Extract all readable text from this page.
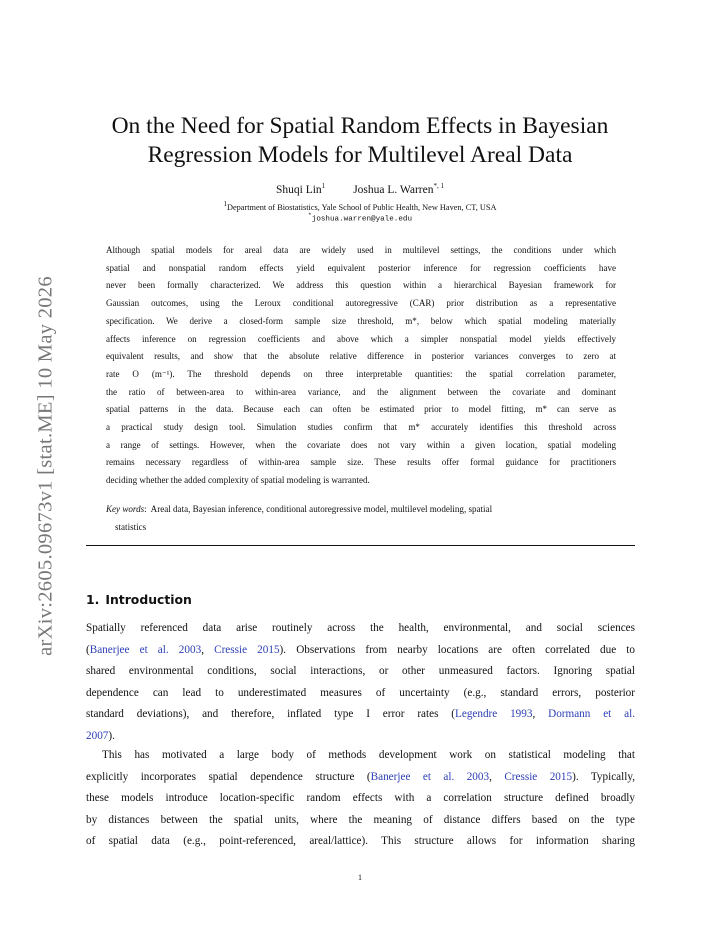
arXiv:2605.09673v1 [stat.ME] 10 May 2026
On the Need for Spatial Random Effects in Bayesian
Regression Models for Multilevel Areal Data
Shuqi Lin$^1$ Joshua L. Warren$^{*, 1}$
$^1$Department of Biostatistics, Yale School of Public Health, New Haven, CT, USA
*joshua.warren@yale.edu
Although spatial models for areal data are widely used in multilevel settings, the conditions under which
spatial and nonspatial random effects yield equivalent posterior inference for regression coefficients have
never been formally characterized. We address this question within a hierarchical Bayesian framework for
Gaussian outcomes, using the Leroux conditional autoregressive (CAR) prior distribution as a representative
specification. We derive a closed-form sample size threshold, m*, below which spatial modeling materially
affects inference on regression coefficients and above which a simpler nonspatial model yields effectively
equivalent results, and show that the absolute relative difference in posterior variances converges to zero at
rate O (m⁻¹). The threshold depends on three interpretable quantities: the spatial correlation parameter,
the ratio of between-area to within-area variance, and the alignment between the covariate and dominant
spatial patterns in the data. Because each can often be estimated prior to model fitting, m* can serve as
a practical study design tool. Simulation studies confirm that m* accurately identifies this threshold across
a range of settings. However, when the covariate does not vary within a given location, spatial modeling
remains necessary regardless of within-area sample size. These results offer formal guidance for practitioners
deciding whether the added complexity of spatial modeling is warranted.
Key words:  Areal data, Bayesian inference, conditional autoregressive model, multilevel modeling, spatial
statistics
1. Introduction
Spatially referenced data arise routinely across the health, environmental, and social sciences
(Banerjee et al. 2003, Cressie 2015). Observations from nearby locations are often correlated due to
shared environmental conditions, social interactions, or other unmeasured factors. Ignoring spatial
dependence can lead to underestimated measures of uncertainty (e.g., standard errors, posterior
standard deviations), and therefore, inflated type I error rates (Legendre 1993, Dormann et al.
2007).
This has motivated a large body of methods development work on statistical modeling that
explicitly incorporates spatial dependence structure (Banerjee et al. 2003, Cressie 2015). Typically,
these models introduce location-specific random effects with a correlation structure defined broadly
by distances between the spatial units, where the meaning of distance differs based on the type
of spatial data (e.g., point-referenced, areal/lattice). This structure allows for information sharing
1
